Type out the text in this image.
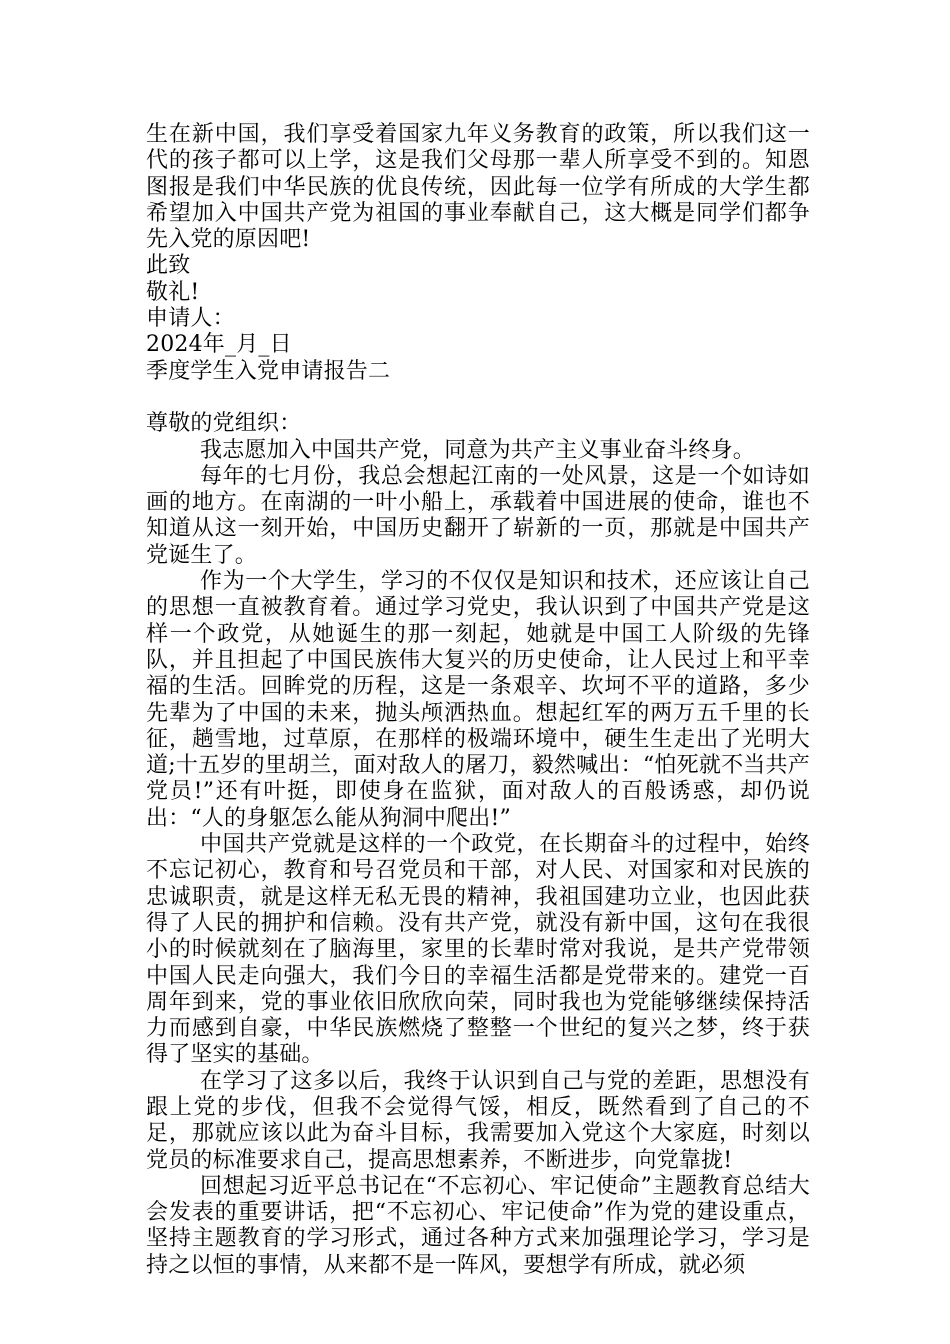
生在新中国，我们享受着国家九年义务教育的政策，所以我们这一代的孩子都可以上学，这是我们父母那一辈人所享受不到的。知恩图报是我们中华民族的优良传统，因此每一位学有所成的大学生都希望加入中国共产党为祖国的事业奉献自己，这大概是同学们都争先入党的原因吧!

此致

敬礼!

申请人：

2024年_月_日

季度学生入党申请报告二

尊敬的党组织：

我志愿加入中国共产党，同意为共产主义事业奋斗终身。

每年的七月份，我总会想起江南的一处风景，这是一个如诗如画的地方。在南湖的一叶小船上，承载着中国进展的使命，谁也不知道从这一刻开始，中国历史翻开了崭新的一页，那就是中国共产党诞生了。

作为一个大学生，学习的不仅仅是知识和技术，还应该让自己的思想一直被教育着。通过学习党史，我认识到了中国共产党是这样一个政党，从她诞生的那一刻起，她就是中国工人阶级的先锋队，并且担起了中国民族伟大复兴的历史使命，让人民过上和平幸福的生活。回眸党的历程，这是一条艰辛、坎坷不平的道路，多少先辈为了中国的未来，抛头颅洒热血。想起红军的两万五千里的长征，趟雪地，过草原，在那样的极端环境中，硬生生走出了光明大道;十五岁的里胡兰，面对敌人的屠刀，毅然喊出：“怕死就不当共产党员!”还有叶挺，即使身在监狱，面对敌人的百般诱惑，却仍说出：“人的身躯怎么能从狗洞中爬出!”

中国共产党就是这样的一个政党，在长期奋斗的过程中，始终不忘记初心，教育和号召党员和干部，对人民、对国家和对民族的忠诚职责，就是这样无私无畏的精神，我祖国建功立业，也因此获得了人民的拥护和信赖。没有共产党，就没有新中国，这句在我很小的时候就刻在了脑海里，家里的长辈时常对我说，是共产党带领中国人民走向强大，我们今日的幸福生活都是党带来的。建党一百周年到来，党的事业依旧欣欣向荣，同时我也为党能够继续保持活力而感到自豪，中华民族燃烧了整整一个世纪的复兴之梦，终于获得了坚实的基础。

在学习了这多以后，我终于认识到自己与党的差距，思想没有跟上党的步伐，但我不会觉得气馁，相反，既然看到了自己的不足，那就应该以此为奋斗目标，我需要加入党这个大家庭，时刻以党员的标准要求自己，提高思想素养，不断进步，向党靠拢!

回想起习近平总书记在“不忘初心、牢记使命”主题教育总结大会发表的重要讲话，把“不忘初心、牢记使命”作为党的建设重点，坚持主题教育的学习形式，通过各种方式来加强理论学习，学习是持之以恒的事情，从来都不是一阵风，要想学有所成，就必须
